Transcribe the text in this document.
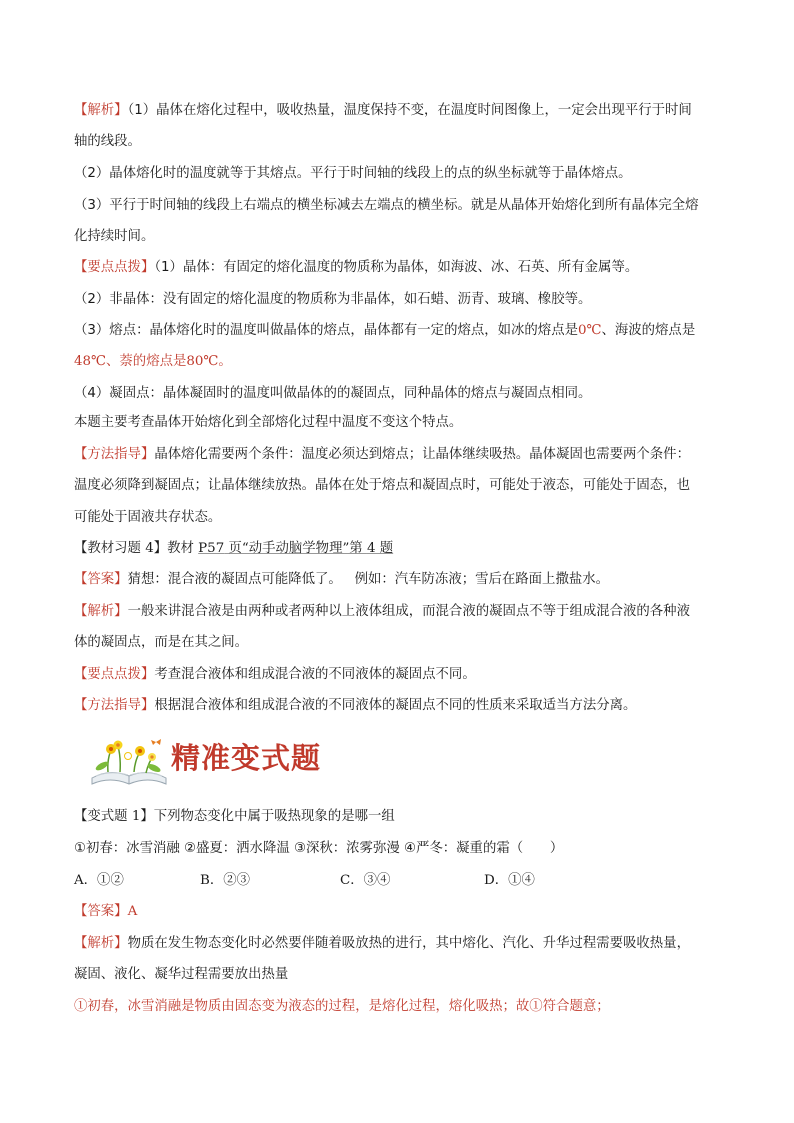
【解析】（1）晶体在熔化过程中，吸收热量，温度保持不变，在温度时间图像上，一定会出现平行于时间
轴的线段。
（2）晶体熔化时的温度就等于其熔点。平行于时间轴的线段上的点的纵坐标就等于晶体熔点。
（3）平行于时间轴的线段上右端点的横坐标减去左端点的横坐标。就是从晶体开始熔化到所有晶体完全熔
化持续时间。
【要点点拨】（1）晶体：有固定的熔化温度的物质称为晶体，如海波、冰、石英、所有金属等。
（2）非晶体：没有固定的熔化温度的物质称为非晶体，如石蜡、沥青、玻璃、橡胶等。
（3）熔点：晶体熔化时的温度叫做晶体的熔点，晶体都有一定的熔点，如冰的熔点是0℃、海波的熔点是
48℃、萘的熔点是80℃。
（4）凝固点：晶体凝固时的温度叫做晶体的的凝固点，同种晶体的熔点与凝固点相同。
本题主要考查晶体开始熔化到全部熔化过程中温度不变这个特点。
【方法指导】晶体熔化需要两个条件：温度必须达到熔点；让晶体继续吸热。晶体凝固也需要两个条件：
温度必须降到凝固点；让晶体继续放热。晶体在处于熔点和凝固点时，可能处于液态，可能处于固态，也
可能处于固液共存状态。
【教材习题 4】教材 P57 页“动手动脑学物理”第 4 题
【答案】猜想：混合液的凝固点可能降低了。   例如：汽车防冻液；雪后在路面上撒盐水。
【解析】一般来讲混合液是由两种或者两种以上液体组成，而混合液的凝固点不等于组成混合液的各种液
体的凝固点，而是在其之间。
【要点点拨】考查混合液体和组成混合液的不同液体的凝固点不同。
【方法指导】根据混合液体和组成混合液的不同液体的凝固点不同的性质来采取适当方法分离。
精准变式题
【变式题 1】下列物态变化中属于吸热现象的是哪一组
①初春：冰雪消融 ②盛夏：洒水降温 ③深秋：浓雾弥漫 ④严冬：凝重的霜（　　）
A．①②	B．②③	C．③④	D．①④
【答案】A
【解析】物质在发生物态变化时必然要伴随着吸放热的进行，其中熔化、汽化、升华过程需要吸收热量，
凝固、液化、凝华过程需要放出热量
①初春，冰雪消融是物质由固态变为液态的过程，是熔化过程，熔化吸热；故①符合题意；
